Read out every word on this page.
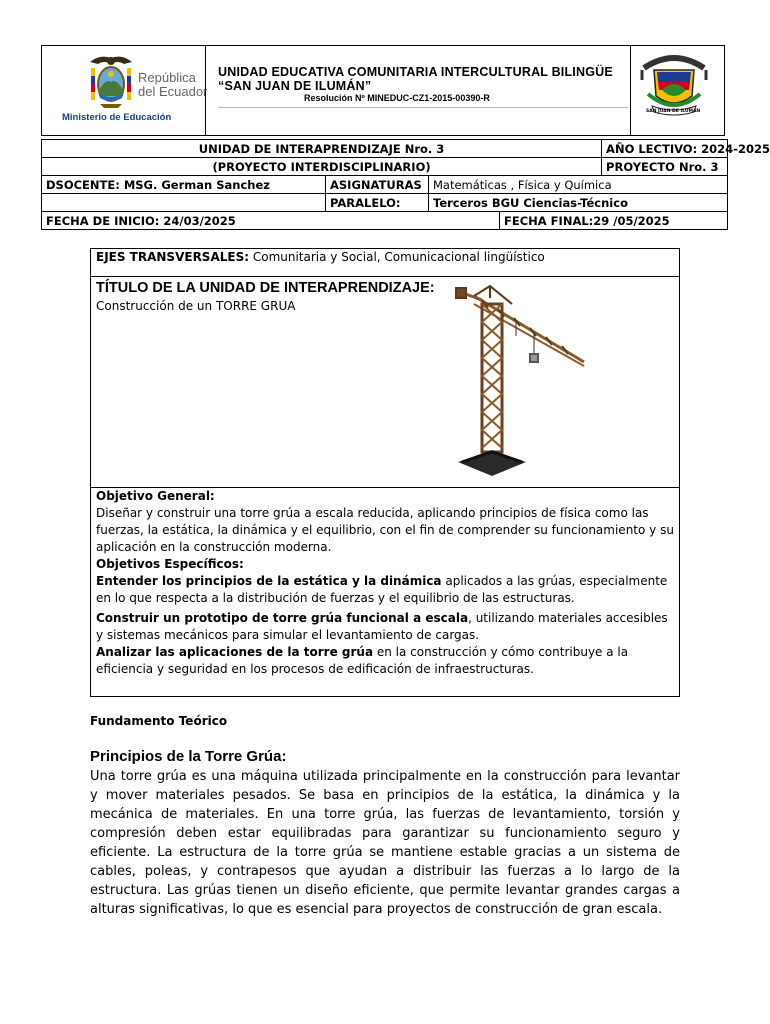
República
del Ecuador
Ministerio de Educación
UNIDAD EDUCATIVA COMUNITARIA INTERCULTURAL BILINGÜE
“SAN JUAN DE ILUMÁN”
Resolución Nº MINEDUC-CZ1-2015-00390-R
SAN JUAN DE ILUMAN
UNIDAD DE INTERAPRENDIZAJE Nro. 3				AÑO LECTIVO: 2024-2025
(PROYECTO INTERDISCIPLINARIO)				PROYECTO Nro. 3
DSOCENTE: MSG. German Sanchez	ASIGNATURAS	Matemáticas , Física y Química		
	PARALELO:	Terceros BGU Ciencias-Técnico		
FECHA DE INICIO: 24/03/2025			FECHA FINAL:29 /05/2025	
EJES TRANSVERSALES: Comunitaria y Social, Comunicacional lingüístico
TÍTULO DE LA UNIDAD DE INTERAPRENDIZAJE:
Construcción de un TORRE GRUA
Objetivo General:
Diseñar y construir una torre grúa a escala reducida, aplicando principios de física como las fuerzas, la estática, la dinámica y el equilibrio, con el fin de comprender su funcionamiento y su aplicación en la construcción moderna.
Objetivos Específicos:
Entender los principios de la estática y la dinámica aplicados a las grúas, especialmente en lo que respecta a la distribución de fuerzas y el equilibrio de las estructuras.
Construir un prototipo de torre grúa funcional a escala, utilizando materiales accesibles y sistemas mecánicos para simular el levantamiento de cargas.
Analizar las aplicaciones de la torre grúa en la construcción y cómo contribuye a la eficiencia y seguridad en los procesos de edificación de infraestructuras.
Fundamento Teórico
Principios de la Torre Grúa:
Una torre grúa es una máquina utilizada principalmente en la construcción para levantar y mover materiales pesados. Se basa en principios de la estática, la dinámica y la mecánica de materiales. En una torre grúa, las fuerzas de levantamiento, torsión y compresión deben estar equilibradas para garantizar su funcionamiento seguro y eficiente. La estructura de la torre grúa se mantiene estable gracias a un sistema de cables, poleas, y contrapesos que ayudan a distribuir las fuerzas a lo largo de la estructura. Las grúas tienen un diseño eficiente, que permite levantar grandes cargas a alturas significativas, lo que es esencial para proyectos de construcción de gran escala.
